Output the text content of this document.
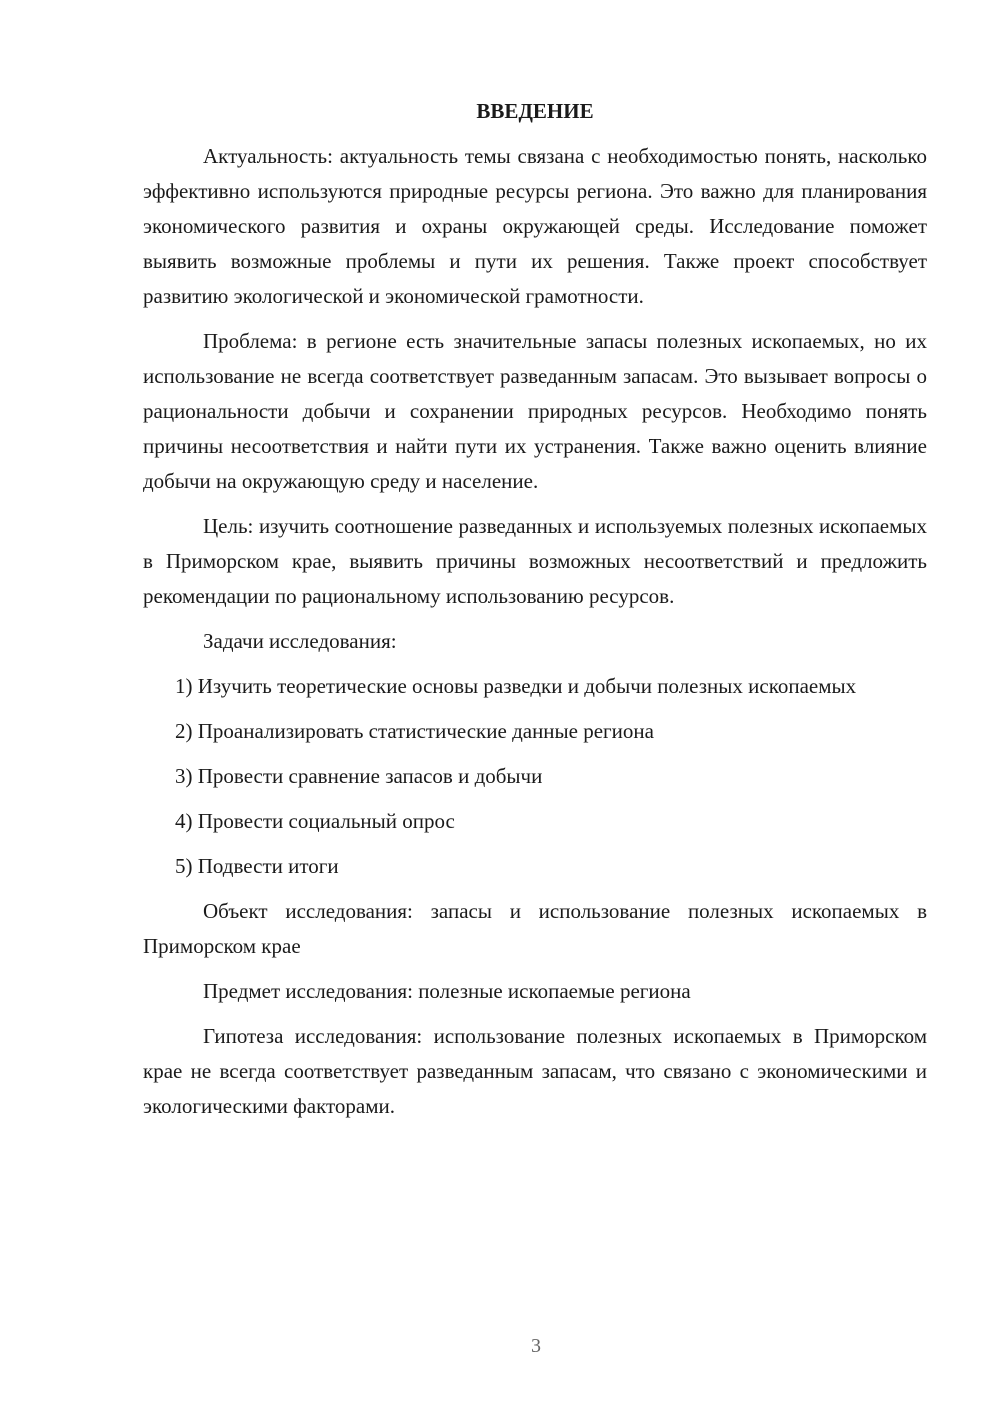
ВВЕДЕНИЕ

Актуальность: актуальность темы связана с необходимостью понять, насколько эффективно используются природные ресурсы региона. Это важно для планирования экономического развития и охраны окружающей среды. Исследование поможет выявить возможные проблемы и пути их решения. Также проект способствует развитию экологической и экономической грамотности.

Проблема: в регионе есть значительные запасы полезных ископаемых, но их использование не всегда соответствует разведанным запасам. Это вызывает вопросы о рациональности добычи и сохранении природных ресурсов. Необходимо понять причины несоответствия и найти пути их устранения. Также важно оценить влияние добычи на окружающую среду и население.

Цель: изучить соотношение разведанных и используемых полезных ископаемых в Приморском крае, выявить причины возможных несоответствий и предложить рекомендации по рациональному использованию ресурсов.

Задачи исследования:

1) Изучить теоретические основы разведки и добычи полезных ископаемых

2) Проанализировать статистические данные региона

3) Провести сравнение запасов и добычи

4) Провести социальный опрос

5) Подвести итоги

Объект исследования: запасы и использование полезных ископаемых в Приморском крае

Предмет исследования: полезные ископаемые региона

Гипотеза исследования: использование полезных ископаемых в Приморском крае не всегда соответствует разведанным запасам, что связано с экономическими и экологическими факторами.

3
